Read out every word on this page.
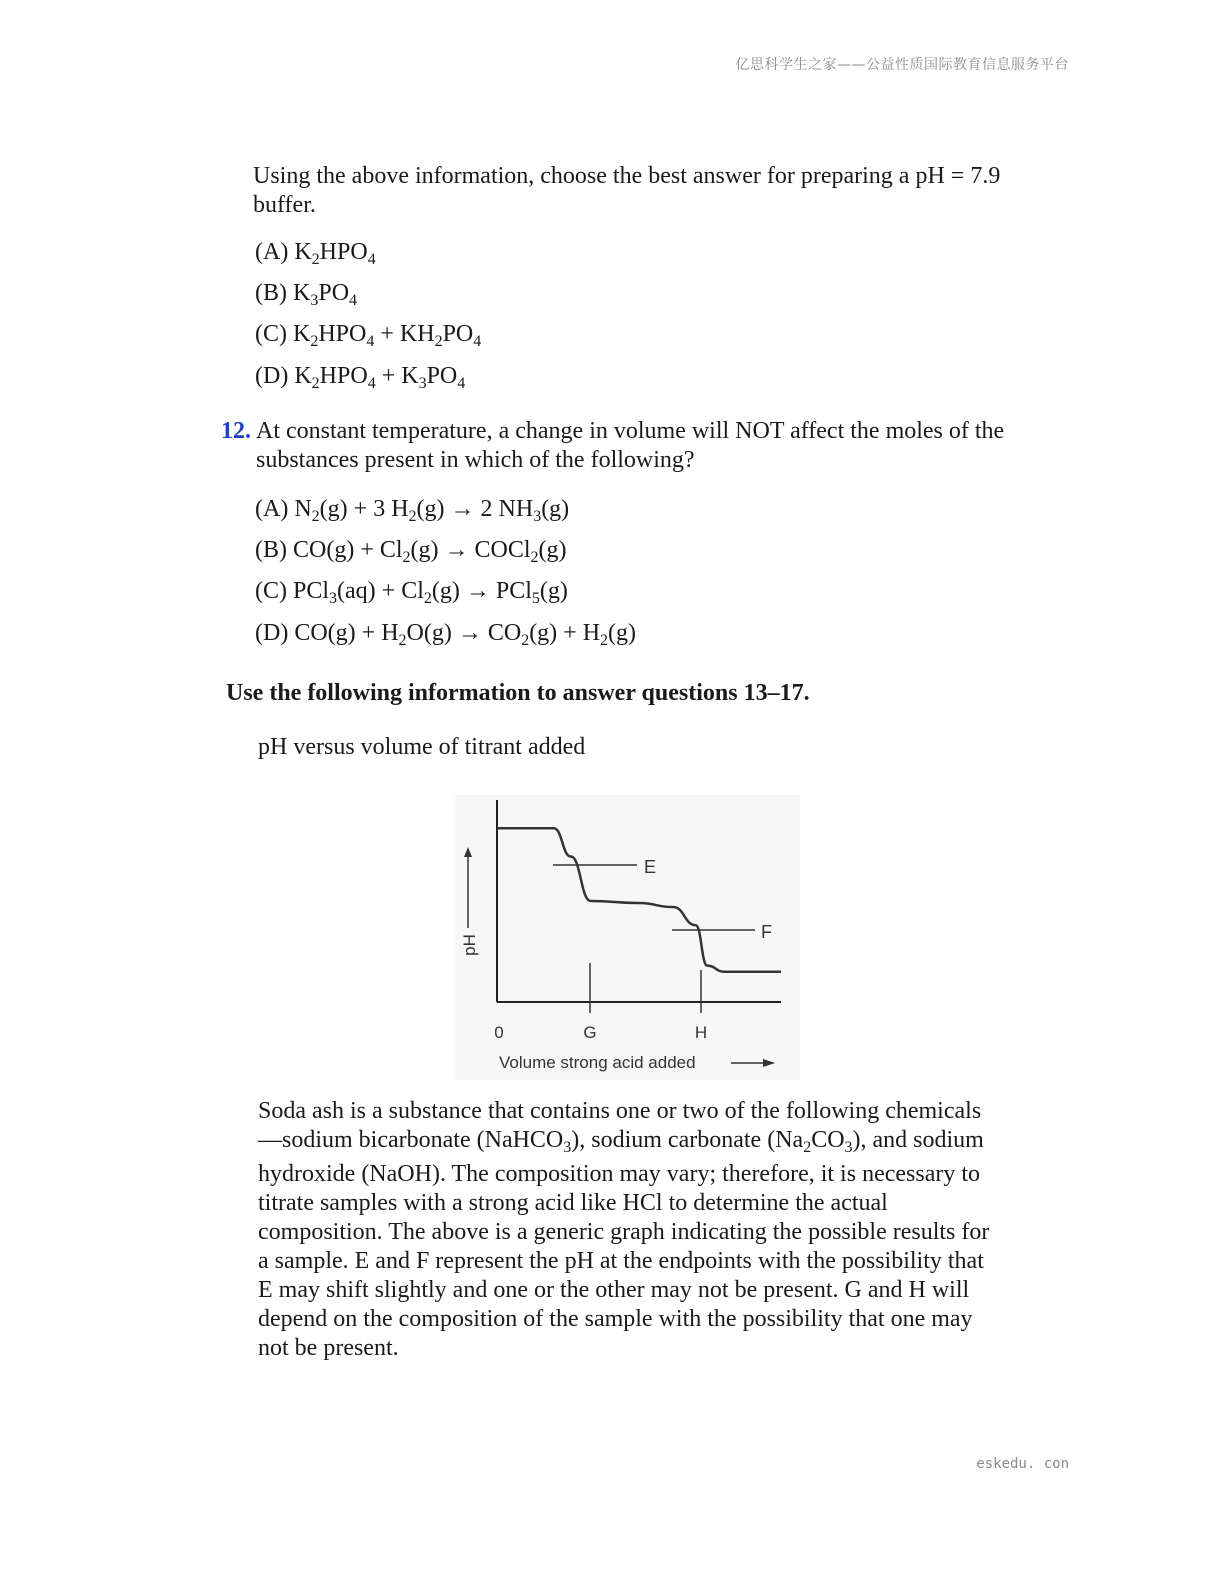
亿思科学生之家——公益性质国际教育信息服务平台
Using the above information, choose the best answer for preparing a pH = 7.9
buffer.
(A) $K_2HPO_4$
(B) $K_3PO_4$
(C) $K_2HPO_4 + KH_2PO_4$
(D) $K_2HPO_4 + K_3PO_4$
12. At constant temperature, a change in volume will NOT affect the moles of the
substances present in which of the following?
(A) $N_2(g) + 3$ $H_2(g) \to 2$ $NH_3(g)$
(B) $CO(g) + Cl_2(g)$ → COCl$_2$(g)
(C) $PCl_3(aq) + Cl_2(g) \to PCl_5(g)$
(D) $CO(g) + H_2O(g) \to CO_2(g) + H_2(g)$
Use the following information to answer questions 13–17.
pH versus volume of titrant added
pH
E
F
0	G	H
Volume strong acid added
Soda ash is a substance that contains one or two of the following chemicals
—sodium bicarbonate (NaHCO$_3$), sodium carbonate $(Na_2CO_3)$, and sodium
hydroxide (NaOH). The composition may vary; therefore, it is necessary to
titrate samples with a strong acid like HCl to determine the actual
composition. The above is a generic graph indicating the possible results for
a sample. E and F represent the pH at the endpoints with the possibility that
E may shift slightly and one or the other may not be present. G and H will
depend on the composition of the sample with the possibility that one may
not be present.
eskedu. con
